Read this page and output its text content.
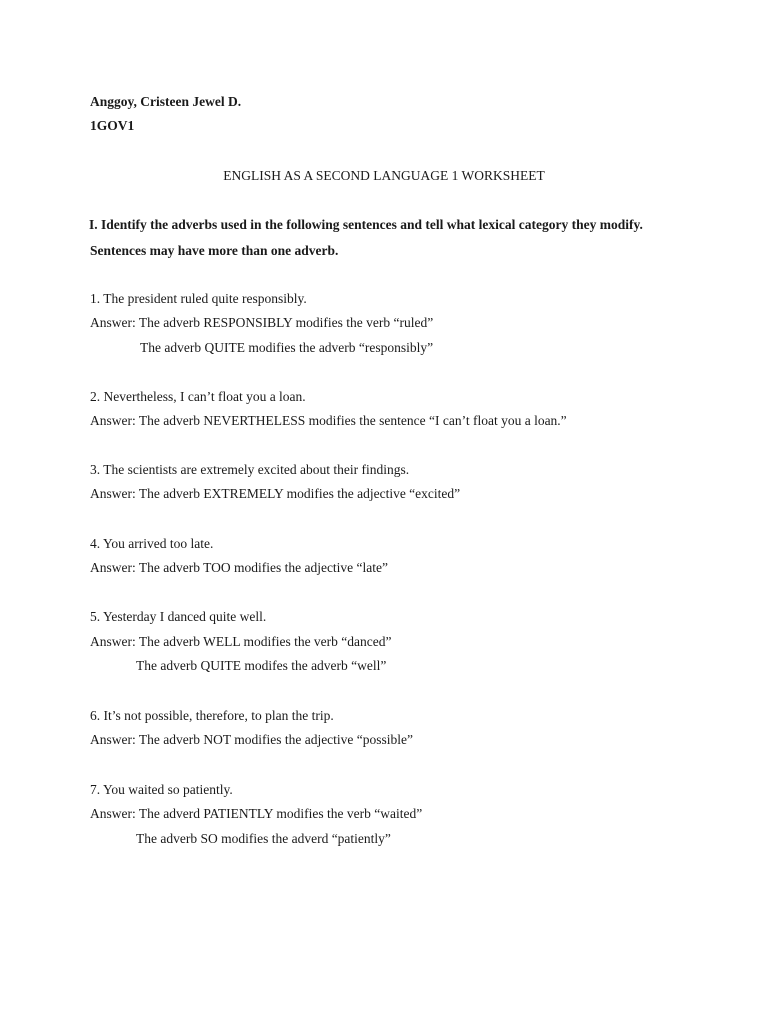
Anggoy, Cristeen Jewel D.
1GOV1
ENGLISH AS A SECOND LANGUAGE 1 WORKSHEET
I. Identify the adverbs used in the following sentences and tell what lexical category they modify.
Sentences may have more than one adverb.
1. The president ruled quite responsibly.
Answer: The adverb RESPONSIBLY modifies the verb “ruled”
The adverb QUITE modifies the adverb “responsibly”
2. Nevertheless, I can’t float you a loan.
Answer: The adverb NEVERTHELESS modifies the sentence “I can’t float you a loan.”
3. The scientists are extremely excited about their findings.
Answer: The adverb EXTREMELY modifies the adjective “excited”
4. You arrived too late.
Answer: The adverb TOO modifies the adjective “late”
5. Yesterday I danced quite well.
Answer: The adverb WELL modifies the verb “danced”
The adverb QUITE modifes the adverb “well”
6. It’s not possible, therefore, to plan the trip.
Answer: The adverb NOT modifies the adjective “possible”
7. You waited so patiently.
Answer: The adverd PATIENTLY modifies the verb “waited”
The adverb SO modifies the adverd “patiently”
